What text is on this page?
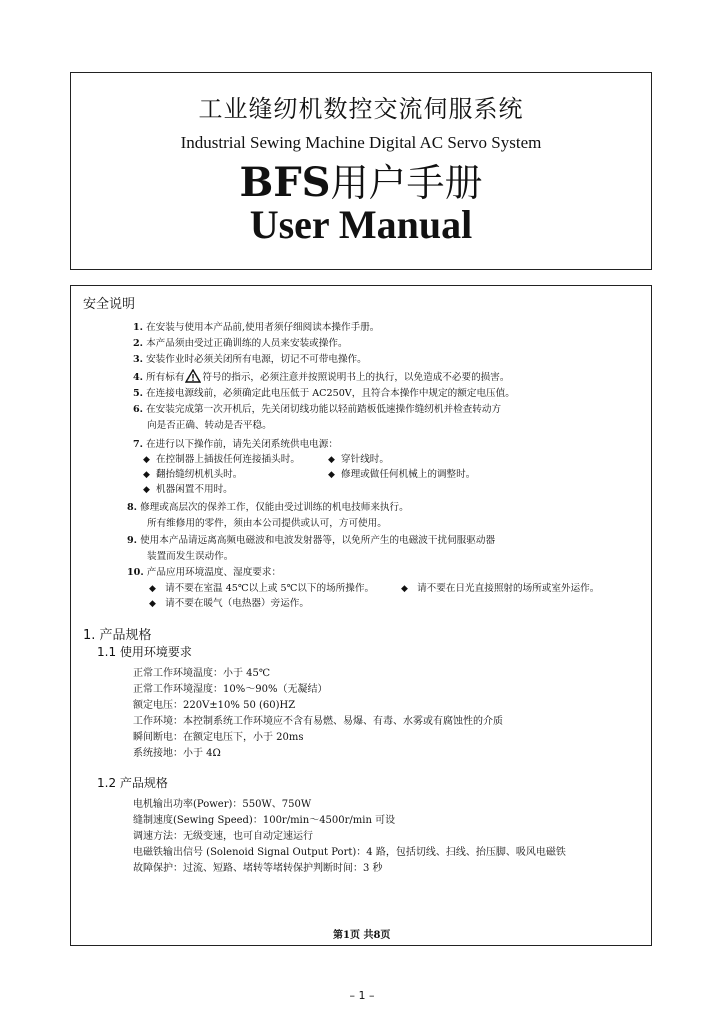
工业缝纫机数控交流伺服系统
Industrial Sewing Machine Digital AC Servo System
BFS用户手册
User Manual
安全说明
1. 在安装与使用本产品前,使用者须仔细阅读本操作手册。
2. 本产品须由受过正确训练的人员来安装或操作。
3. 安装作业时必须关闭所有电源，切记不可带电操作。
4. 所有标有 符号的指示，必须注意并按照说明书上的执行，以免造成不必要的损害。
5. 在连接电源线前，必须确定此电压低于 AC250V，且符合本操作中规定的额定电压值。
6. 在安装完成第一次开机后，先关闭切线功能以轻前踏板低速操作缝纫机并检查转动方
向是否正确、转动是否平稳。
7. 在进行以下操作前，请先关闭系统供电电源：
◆ 在控制器上插拔任何连接插头时。	◆ 穿针线时。
◆ 翻抬缝纫机机头时。	◆ 修理或做任何机械上的调整时。
◆ 机器闲置不用时。
8. 修理或高层次的保养工作，仅能由受过训练的机电技师来执行。
所有维修用的零件，须由本公司提供或认可，方可使用。
9. 使用本产品请远离高频电磁波和电波发射器等，以免所产生的电磁波干扰伺服驱动器
装置而发生误动作。
10. 产品应用环境温度、湿度要求：
◆ 请不要在室温 45℃以上或 5℃以下的场所操作。	◆ 请不要在日光直接照射的场所或室外运作。
◆ 请不要在暖气（电热器）旁运作。
1. 产品规格
1.1 使用环境要求
正常工作环境温度：小于 45℃
正常工作环境湿度：10%～90%（无凝结）
额定电压：220V±10% 50 (60)HZ
工作环境：本控制系统工作环境应不含有易燃、易爆、有毒、水雾或有腐蚀性的介质
瞬间断电：在额定电压下，小于 20ms
系统接地：小于 4Ω
1.2 产品规格
电机输出功率(Power)：550W、750W
缝制速度(Sewing Speed)：100r/min～4500r/min 可设
调速方法：无级变速，也可自动定速运行
电磁铁输出信号 (Solenoid Signal Output Port)：4 路，包括切线、扫线、抬压脚、吸风电磁铁
故障保护：过流、短路、堵转等堵转保护判断时间：3 秒
第1页 共8页
– 1 –
